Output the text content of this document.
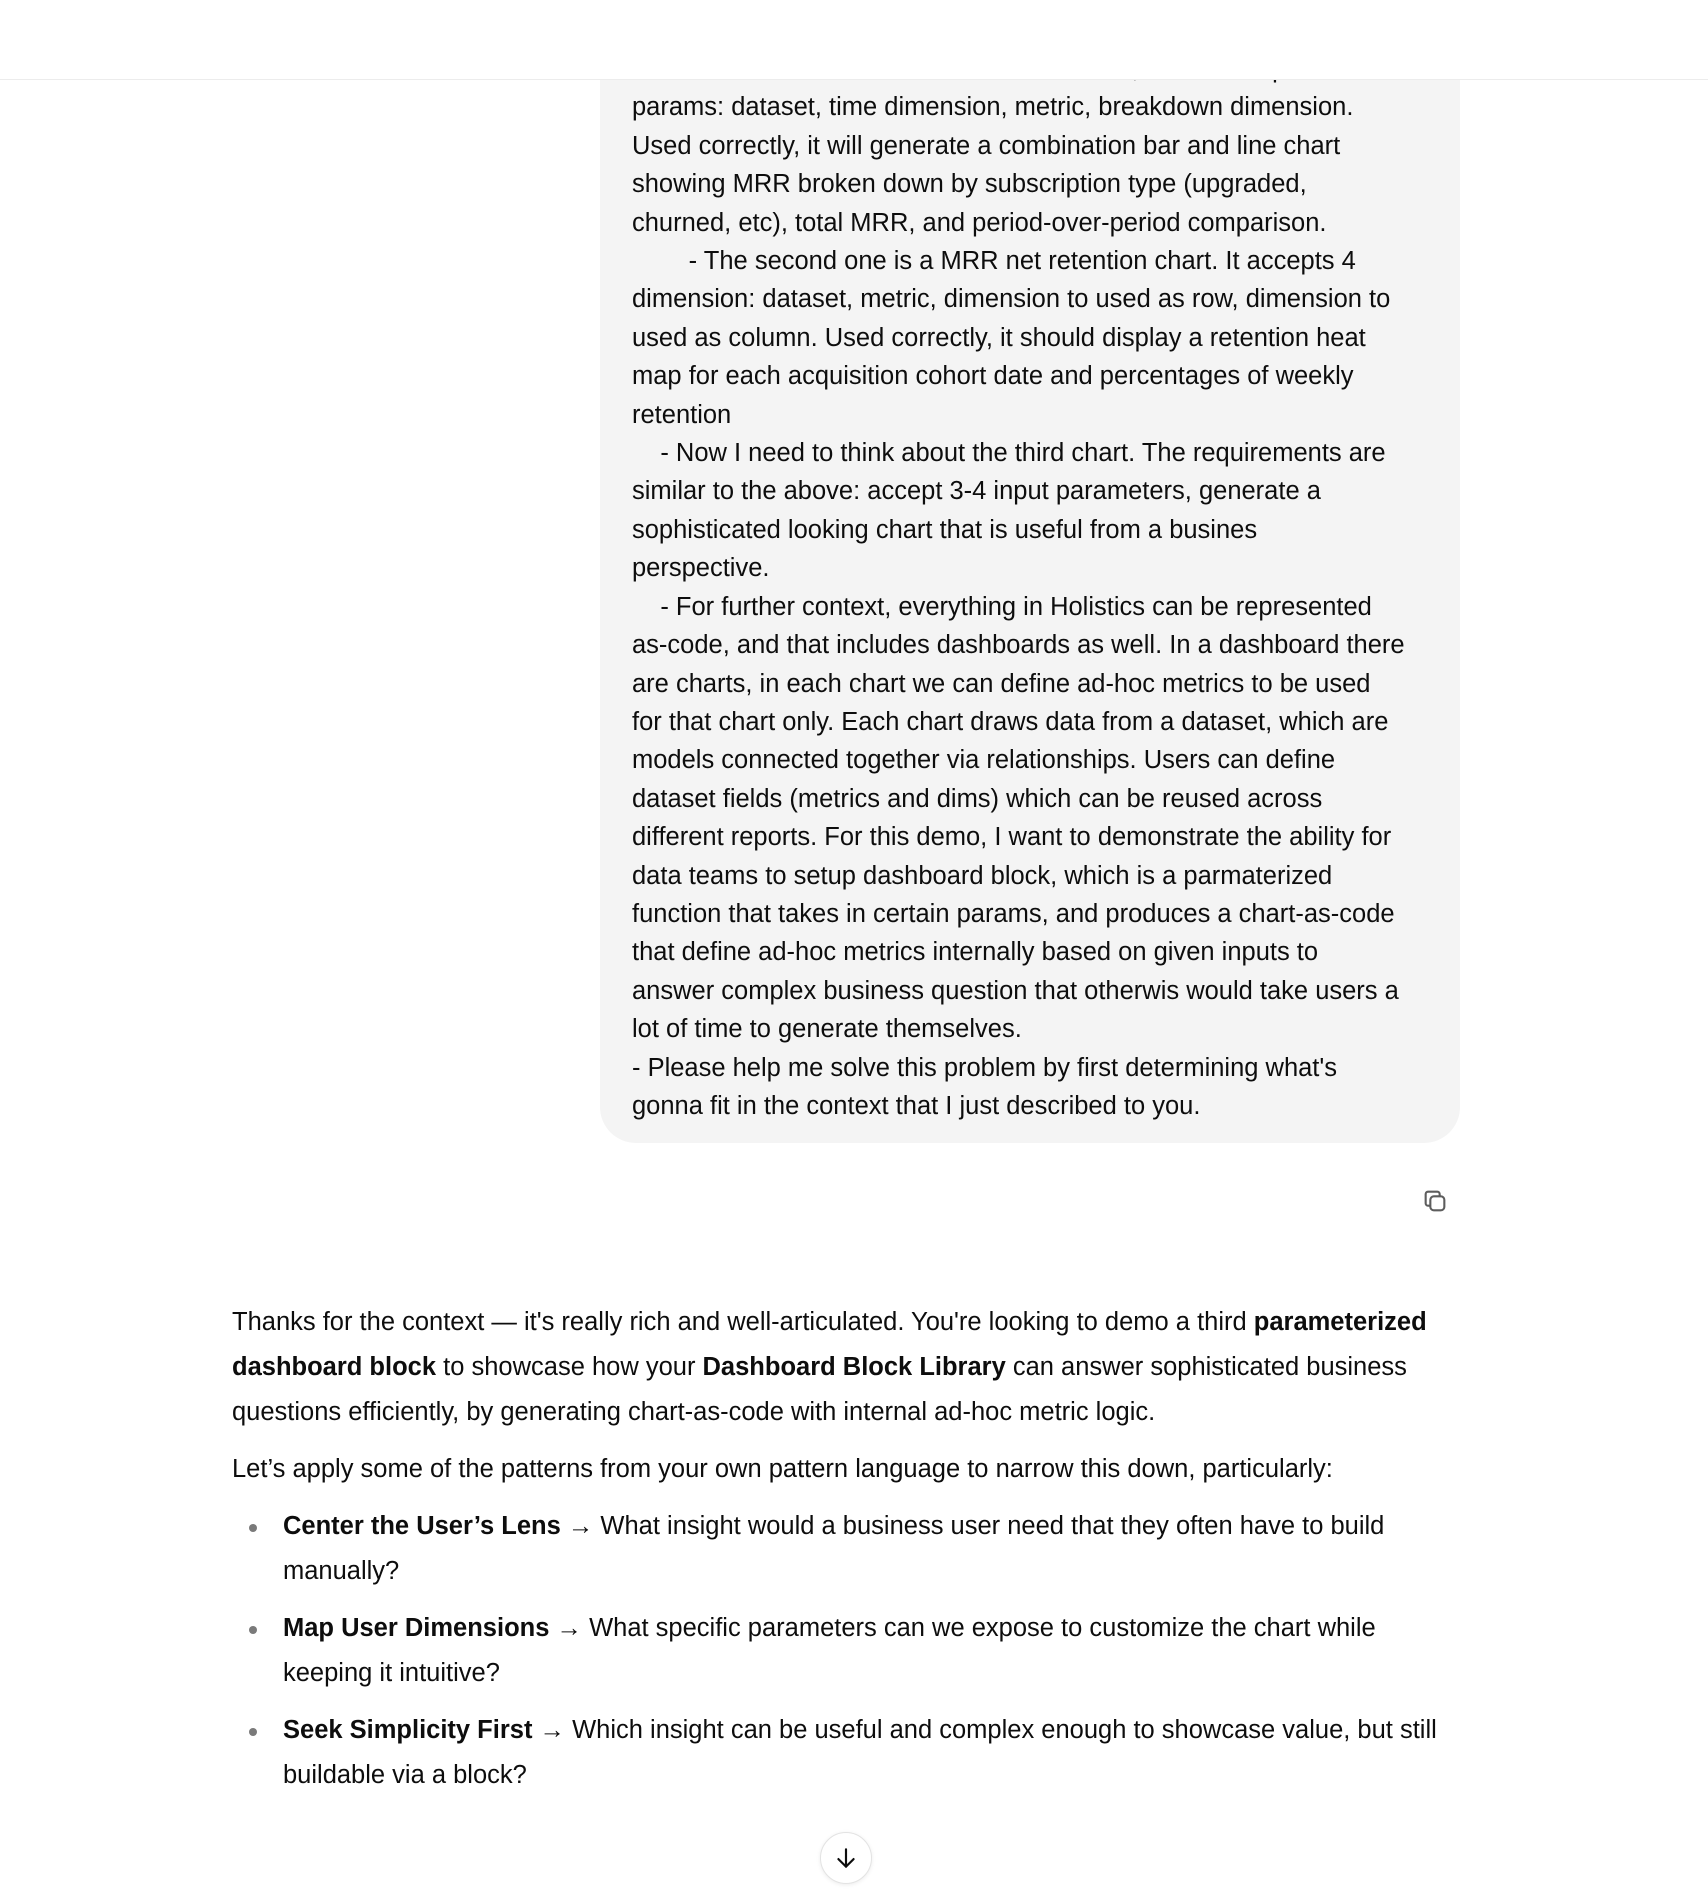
params: dataset, time dimension, metric, breakdown dimension.
Used correctly, it will generate a combination bar and line chart
showing MRR broken down by subscription type (upgraded,
churned, etc), total MRR, and period-over-period comparison.
- The second one is a MRR net retention chart. It accepts 4
dimension: dataset, metric, dimension to used as row, dimension to
used as column. Used correctly, it should display a retention heat
map for each acquisition cohort date and percentages of weekly
retention
- Now I need to think about the third chart. The requirements are
similar to the above: accept 3-4 input parameters, generate a
sophisticated looking chart that is useful from a busines
perspective.
- For further context, everything in Holistics can be represented
as-code, and that includes dashboards as well. In a dashboard there
are charts, in each chart we can define ad-hoc metrics to be used
for that chart only. Each chart draws data from a dataset, which are
models connected together via relationships. Users can define
dataset fields (metrics and dims) which can be reused across
different reports. For this demo, I want to demonstrate the ability for
data teams to setup dashboard block, which is a parmaterized
function that takes in certain params, and produces a chart-as-code
that define ad-hoc metrics internally based on given inputs to
answer complex business question that otherwis would take users a
lot of time to generate themselves.
- Please help me solve this problem by first determining what's
gonna fit in the context that I just described to you.

Thanks for the context — it's really rich and well-articulated. You're looking to demo a third parameterized dashboard block to showcase how your Dashboard Block Library can answer sophisticated business questions efficiently, by generating chart-as-code with internal ad-hoc metric logic.

Let’s apply some of the patterns from your own pattern language to narrow this down, particularly:

Center the User’s Lens → What insight would a business user need that they often have to build manually?
Map User Dimensions → What specific parameters can we expose to customize the chart while keeping it intuitive?
Seek Simplicity First → Which insight can be useful and complex enough to showcase value, but still buildable via a block?
